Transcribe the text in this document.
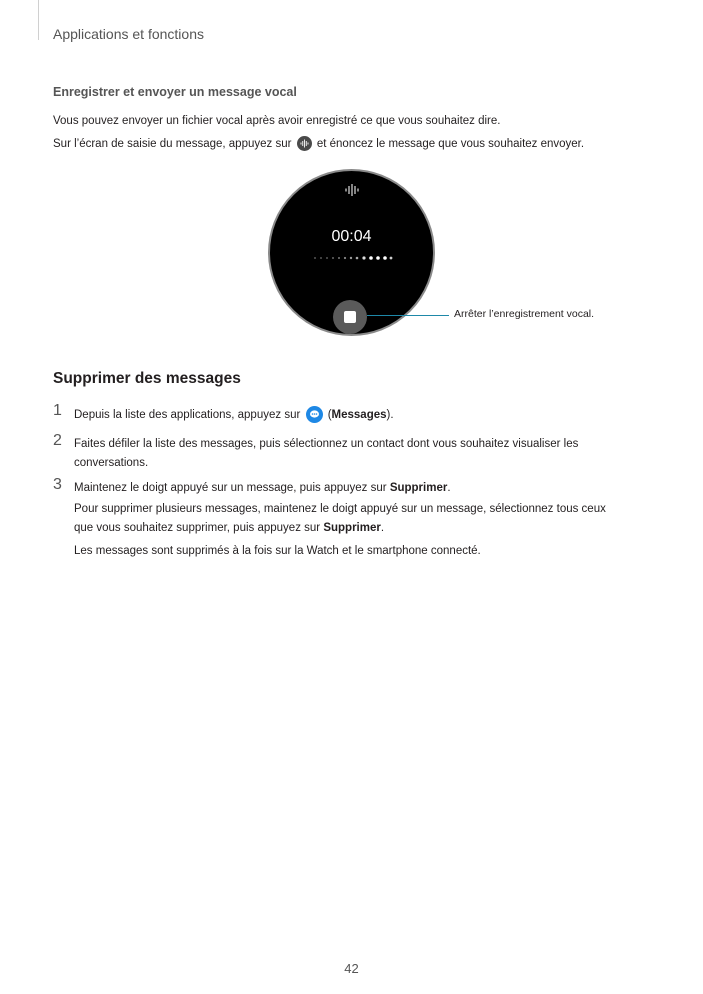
Applications et fonctions
Enregistrer et envoyer un message vocal
Vous pouvez envoyer un fichier vocal après avoir enregistré ce que vous souhaitez dire.
Sur l’écran de saisie du message, appuyez sur et énoncez le message que vous souhaitez envoyer.
00:04
Arrêter l’enregistrement vocal.
Supprimer des messages
1 Depuis la liste des applications, appuyez sur
(Messages).
2 Faites défiler la liste des messages, puis sélectionnez un contact dont vous souhaitez visualiser les
conversations.
3 Maintenez le doigt appuyé sur un message, puis appuyez sur Supprimer.
Pour supprimer plusieurs messages, maintenez le doigt appuyé sur un message, sélectionnez tous ceux
que vous souhaitez supprimer, puis appuyez sur Supprimer.
Les messages sont supprimés à la fois sur la Watch et le smartphone connecté.
42
